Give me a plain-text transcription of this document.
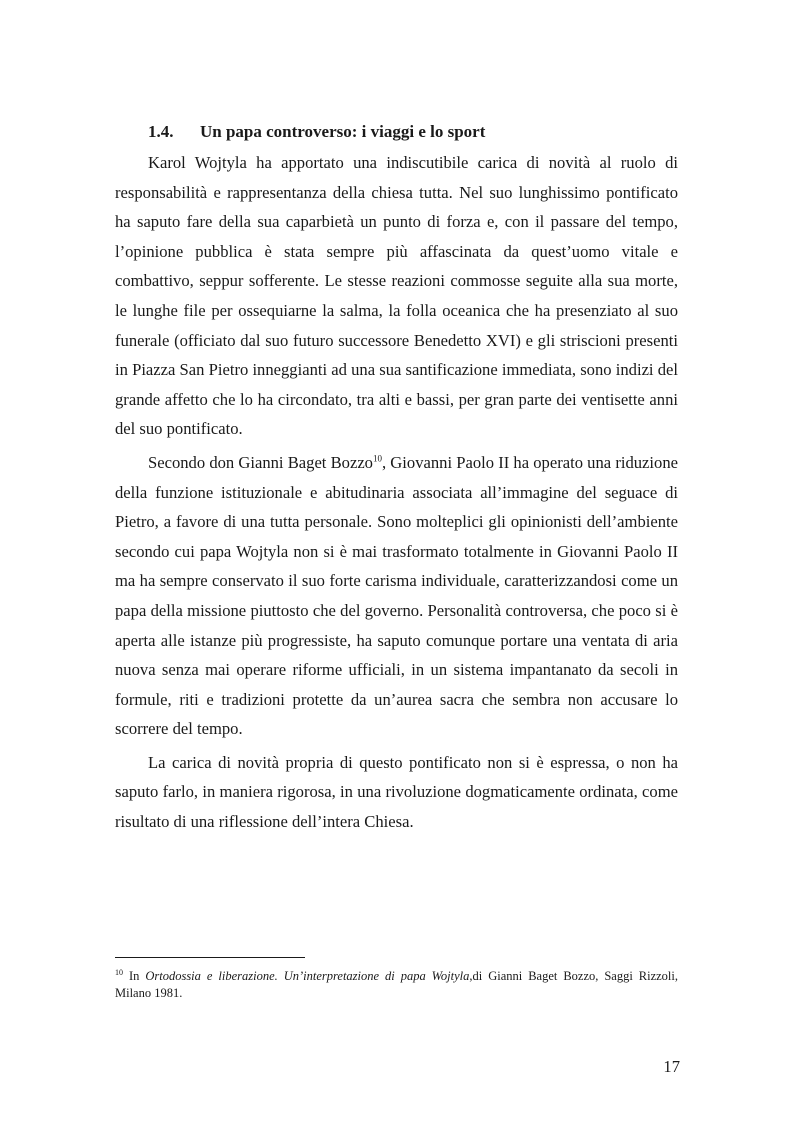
1.4. Un papa controverso: i viaggi e lo sport

Karol Wojtyla ha apportato una indiscutibile carica di novità al ruolo di responsabilità e rappresentanza della chiesa tutta. Nel suo lunghissimo pontificato ha saputo fare della sua caparbietà un punto di forza e, con il passare del tempo, l’opinione pubblica è stata sempre più affascinata da quest’uomo vitale e combattivo, seppur sofferente. Le stesse reazioni commosse seguite alla sua morte, le lunghe file per ossequiarne la salma, la folla oceanica che ha presenziato al suo funerale (officiato dal suo futuro successore Benedetto XVI) e gli striscioni presenti in Piazza San Pietro inneggianti ad una sua santificazione immediata, sono indizi del grande affetto che lo ha circondato, tra alti e bassi, per gran parte dei ventisette anni del suo pontificato.

Secondo don Gianni Baget Bozzo$^{10}$, Giovanni Paolo II ha operato una riduzione della funzione istituzionale e abitudinaria associata all’immagine del seguace di Pietro, a favore di una tutta personale. Sono molteplici gli opinionisti dell’ambiente secondo cui papa Wojtyla non si è mai trasformato totalmente in Giovanni Paolo II ma ha sempre conservato il suo forte carisma individuale, caratterizzandosi come un papa della missione piuttosto che del governo. Personalità controversa, che poco si è aperta alle istanze più progressiste, ha saputo comunque portare una ventata di aria nuova senza mai operare riforme ufficiali, in un sistema impantanato da secoli in formule, riti e tradizioni protette da un’aurea sacra che sembra non accusare lo scorrere del tempo.

La carica di novità propria di questo pontificato non si è espressa, o non ha saputo farlo, in maniera rigorosa, in una rivoluzione dogmaticamente ordinata, come risultato di una riflessione dell’intera Chiesa.

$^{10}$ In Ortodossia e liberazione. Un’interpretazione di papa Wojtyla,di Gianni Baget Bozzo, Saggi Rizzoli, Milano 1981.
17
